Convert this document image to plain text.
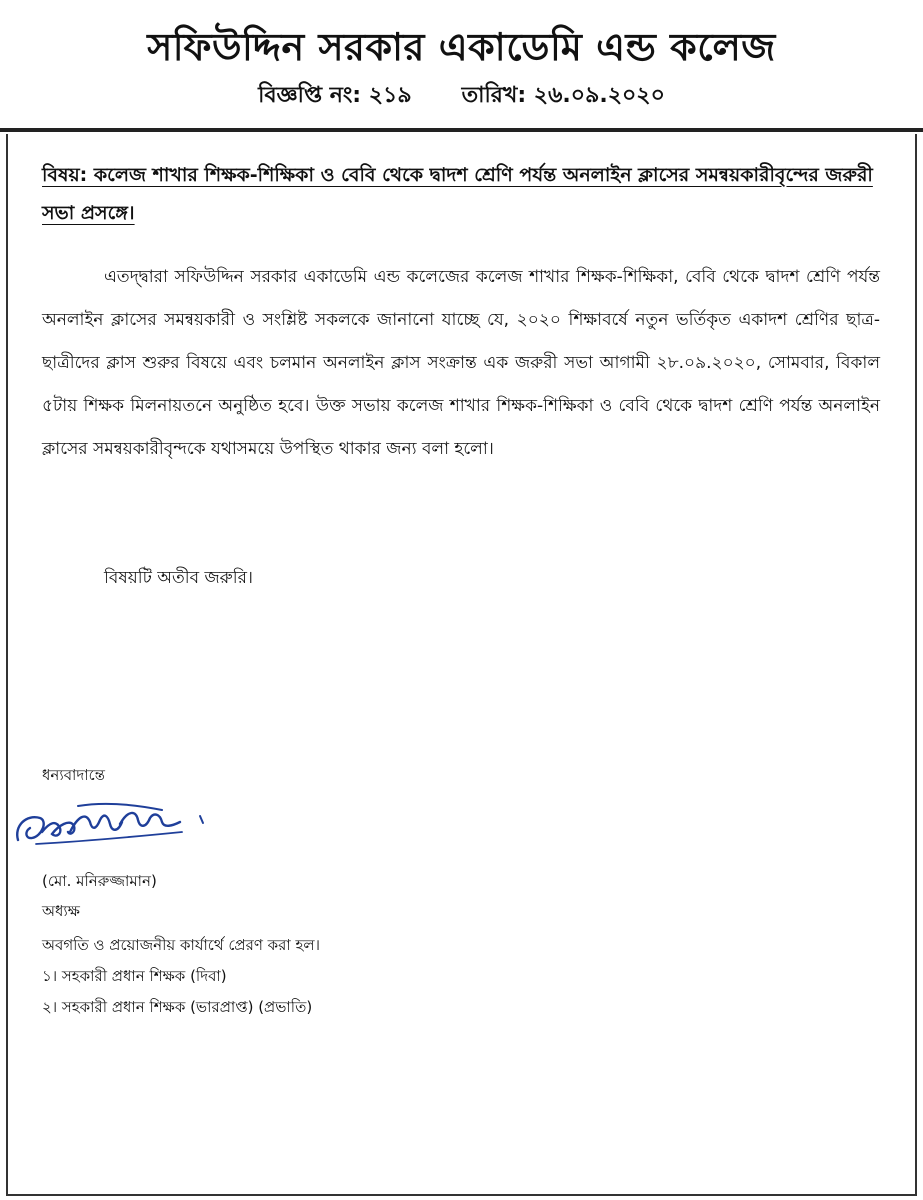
সফিউদ্দিন সরকার একাডেমি এন্ড কলেজ
বিজ্ঞপ্তি নং: ২১৯ তারিখ: ২৬.০৯.২০২০
বিষয়: কলেজ শাখার শিক্ষক-শিক্ষিকা ও বেবি থেকে দ্বাদশ শ্রেণি পর্যন্ত অনলাইন ক্লাসের সমন্বয়কারীবৃন্দের জরুরী সভা প্রসঙ্গে।

এতদ্দ্বারা সফিউদ্দিন সরকার একাডেমি এন্ড কলেজের কলেজ শাখার শিক্ষক-শিক্ষিকা, বেবি থেকে দ্বাদশ শ্রেণি পর্যন্ত অনলাইন ক্লাসের সমন্বয়কারী ও সংশ্লিষ্ট সকলকে জানানো যাচ্ছে যে, ২০২০ শিক্ষাবর্ষে নতুন ভর্তিকৃত একাদশ শ্রেণির ছাত্র-ছাত্রীদের ক্লাস শুরুর বিষয়ে এবং চলমান অনলাইন ক্লাস সংক্রান্ত এক জরুরী সভা আগামী ২৮.০৯.২০২০, সোমবার, বিকাল ৫টায় শিক্ষক মিলনায়তনে অনুষ্ঠিত হবে। উক্ত সভায় কলেজ শাখার শিক্ষক-শিক্ষিকা ও বেবি থেকে দ্বাদশ শ্রেণি পর্যন্ত অনলাইন ক্লাসের সমন্বয়কারীবৃন্দকে যথাসময়ে উপস্থিত থাকার জন্য বলা হলো।

বিষয়টি অতীব জরুরি।
ধন্যবাদান্তে
(মো. মনিরুজ্জামান)
অধ্যক্ষ
অবগতি ও প্রয়োজনীয় কার্যার্থে প্রেরণ করা হল।
১। সহকারী প্রধান শিক্ষক (দিবা)
২। সহকারী প্রধান শিক্ষক (ভারপ্রাপ্ত) (প্রভাতি)
